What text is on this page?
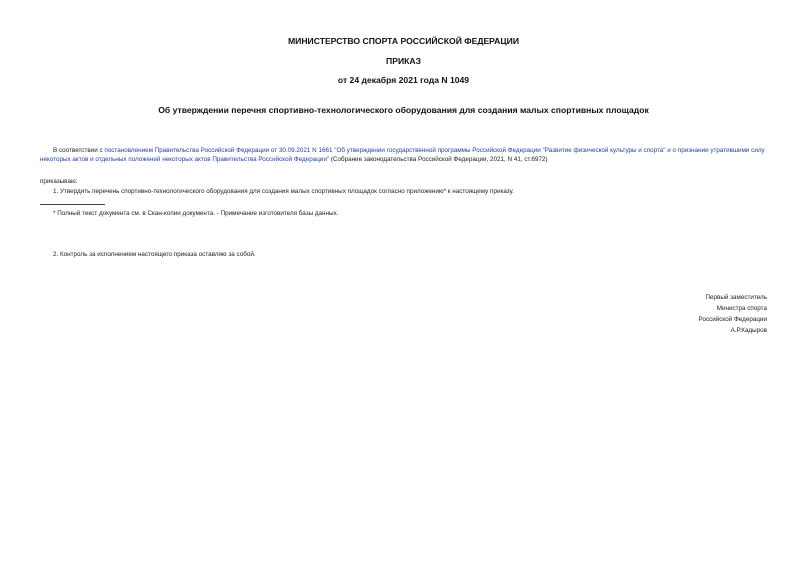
МИНИСТЕРСТВО СПОРТА РОССИЙСКОЙ ФЕДЕРАЦИИ
ПРИКАЗ
от 24 декабря 2021 года N 1049
Об утверждении перечня спортивно-технологического оборудования для создания малых спортивных площадок
В соответствии с постановлением Правительства Российской Федерации от 30.09.2021 N 1661 "Об утверждении государственной программы Российской Федерации "Развитие физической культуры и спорта" и о признании утратившими силу некоторых актов и отдельных положений некоторых актов Правительства Российской Федерации" (Собрание законодательства Российской Федерации, 2021, N 41, ст.6972)
приказываю:
1. Утвердить перечень спортивно-технологического оборудования для создания малых спортивных площадок согласно приложению* к настоящему приказу.
* Полный текст документа см. в Скан-копии документа. - Примечание изготовителя базы данных.
2. Контроль за исполнением настоящего приказа оставляю за собой.
Первый заместитель
Министра спорта
Российской Федерации
А.Р.Кадыров
